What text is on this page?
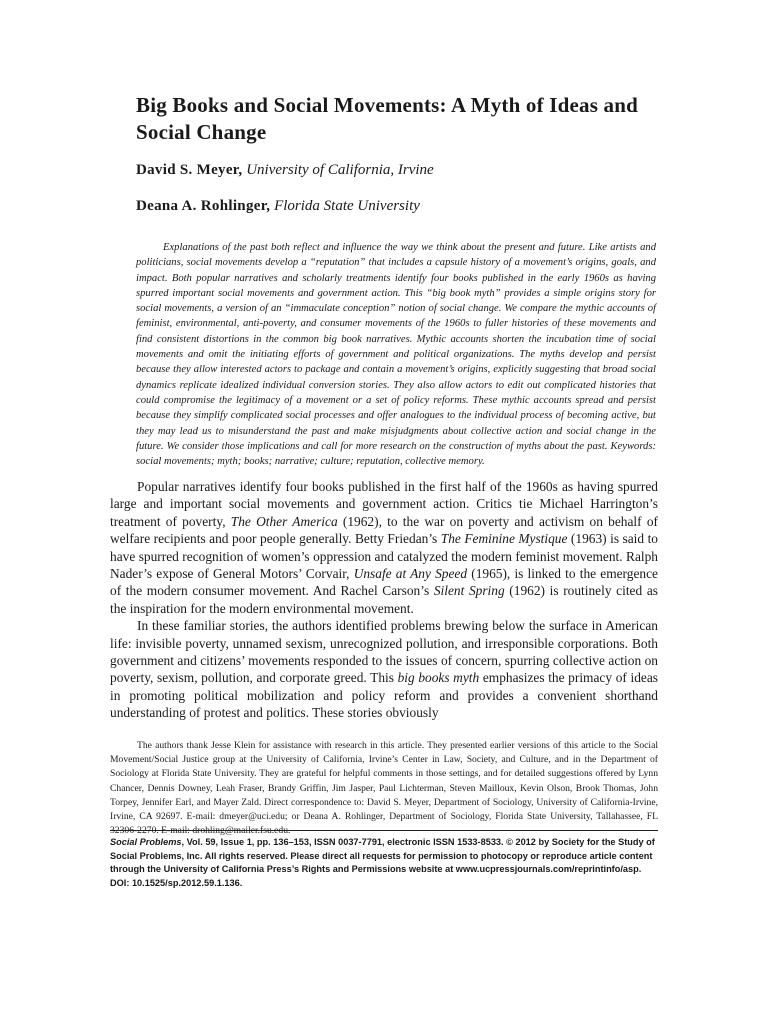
Big Books and Social Movements: A Myth of Ideas and Social Change

David S. Meyer, University of California, Irvine

Deana A. Rohlinger, Florida State University

Explanations of the past both reflect and influence the way we think about the present and future. Like artists and politicians, social movements develop a “reputation” that includes a capsule history of a movement’s origins, goals, and impact. Both popular narratives and scholarly treatments identify four books published in the early 1960s as having spurred important social movements and government action. This “big book myth” provides a simple origins story for social movements, a version of an “immaculate conception” notion of social change. We compare the mythic accounts of feminist, environmental, anti-poverty, and consumer movements of the 1960s to fuller histories of these movements and find consistent distortions in the common big book narratives. Mythic accounts shorten the incubation time of social movements and omit the initiating efforts of government and political organizations. The myths develop and persist because they allow interested actors to package and contain a movement’s origins, explicitly suggesting that broad social dynamics replicate idealized individual conversion stories. They also allow actors to edit out complicated histories that could compromise the legitimacy of a movement or a set of policy reforms. These mythic accounts spread and persist because they simplify complicated social processes and offer analogues to the individual process of becoming active, but they may lead us to misunderstand the past and make misjudgments about collective action and social change in the future. We consider those implications and call for more research on the construction of myths about the past. Keywords: social movements; myth; books; narrative; culture; reputation, collective memory.

Popular narratives identify four books published in the first half of the 1960s as having spurred large and important social movements and government action. Critics tie Michael Harrington’s treatment of poverty, The Other America (1962), to the war on poverty and activism on behalf of welfare recipients and poor people generally. Betty Friedan’s The Feminine Mystique (1963) is said to have spurred recognition of women’s oppression and catalyzed the modern feminist movement. Ralph Nader’s expose of General Motors’ Corvair, Unsafe at Any Speed (1965), is linked to the emergence of the modern consumer movement. And Rachel Carson’s Silent Spring (1962) is routinely cited as the inspiration for the modern environmental movement.

In these familiar stories, the authors identified problems brewing below the surface in American life: invisible poverty, unnamed sexism, unrecognized pollution, and irresponsible corporations. Both government and citizens’ movements responded to the issues of concern, spurring collective action on poverty, sexism, pollution, and corporate greed. This big books myth emphasizes the primacy of ideas in promoting political mobilization and policy reform and provides a convenient shorthand understanding of protest and politics. These stories obviously

The authors thank Jesse Klein for assistance with research in this article. They presented earlier versions of this article to the Social Movement/Social Justice group at the University of California, Irvine’s Center in Law, Society, and Culture, and in the Department of Sociology at Florida State University. They are grateful for helpful comments in those settings, and for detailed suggestions offered by Lynn Chancer, Dennis Downey, Leah Fraser, Brandy Griffin, Jim Jasper, Paul Lichterman, Steven Mailloux, Kevin Olson, Brook Thomas, John Torpey, Jennifer Earl, and Mayer Zald. Direct correspondence to: David S. Meyer, Department of Sociology, University of California-Irvine, Irvine, CA 92697. E-mail: dmeyer@uci.edu; or Deana A. Rohlinger, Department of Sociology, Florida State University, Tallahassee, FL 32306-2270. E-mail: drohling@mailer.fsu.edu.

Social Problems, Vol. 59, Issue 1, pp. 136–153, ISSN 0037-7791, electronic ISSN 1533-8533. © 2012 by Society for the Study of Social Problems, Inc. All rights reserved. Please direct all requests for permission to photocopy or reproduce article content through the University of California Press’s Rights and Permissions website at www.ucpressjournals.com/reprintinfo/asp. DOI: 10.1525/sp.2012.59.1.136.
